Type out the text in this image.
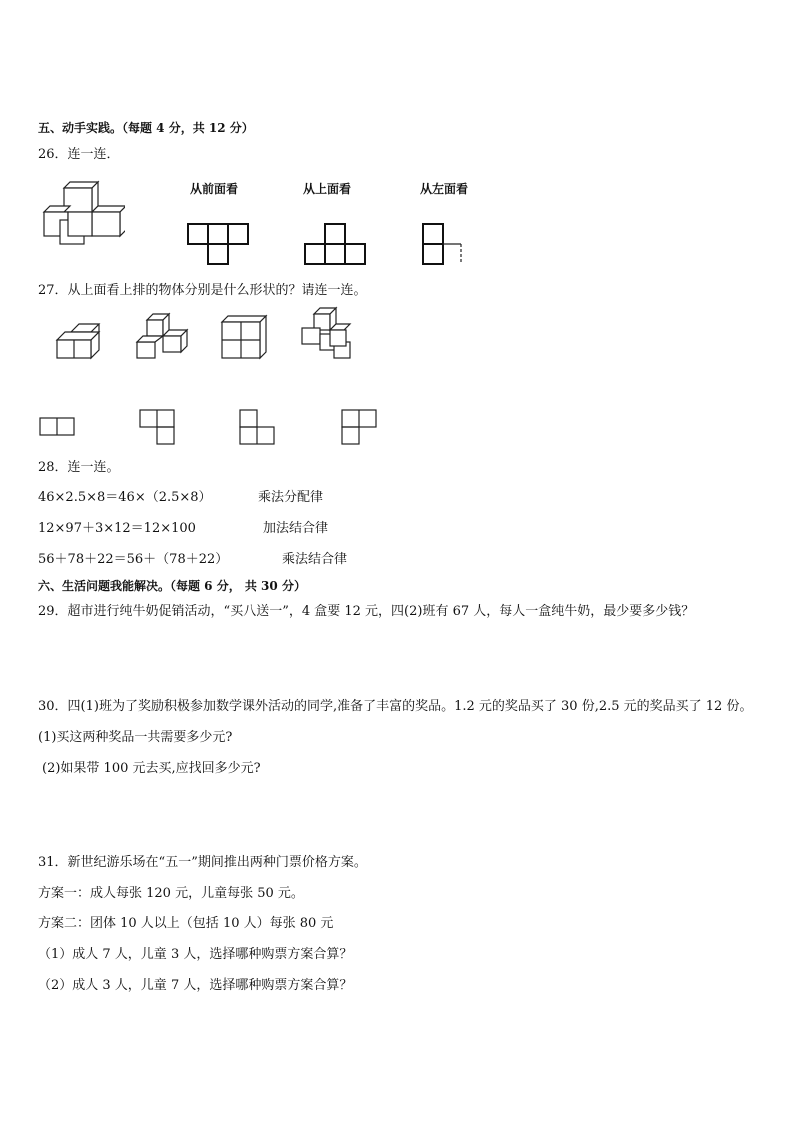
五、动手实践。（每题 4 分，共 12 分）
26．连一连．
从前面看	从上面看	从左面看
27．从上面看上排的物体分别是什么形状的？请连一连。
28．连一连。
46×2.5×8＝46×（2.5×8）	乘法分配律
12×97＋3×12＝12×100	加法结合律
56＋78＋22＝56＋（78＋22）	乘法结合律
六、生活问题我能解决。（每题 6 分， 共 30 分）
29．超市进行纯牛奶促销活动，“买八送一”，4 盒要 12 元，四(2)班有 67 人，每人一盒纯牛奶，最少要多少钱？
30．四(1)班为了奖励积极参加数学课外活动的同学,准备了丰富的奖品。1.2 元的奖品买了 30 份,2.5 元的奖品买了 12 份。
(1)买这两种奖品一共需要多少元?
(2)如果带 100 元去买,应找回多少元?
31．新世纪游乐场在“五一”期间推出两种门票价格方案。
方案一：成人每张 120 元，儿童每张 50 元。
方案二：团体 10 人以上（包括 10 人）每张 80 元
（1）成人 7 人，儿童 3 人，选择哪种购票方案合算？
（2）成人 3 人，儿童 7 人，选择哪种购票方案合算？
